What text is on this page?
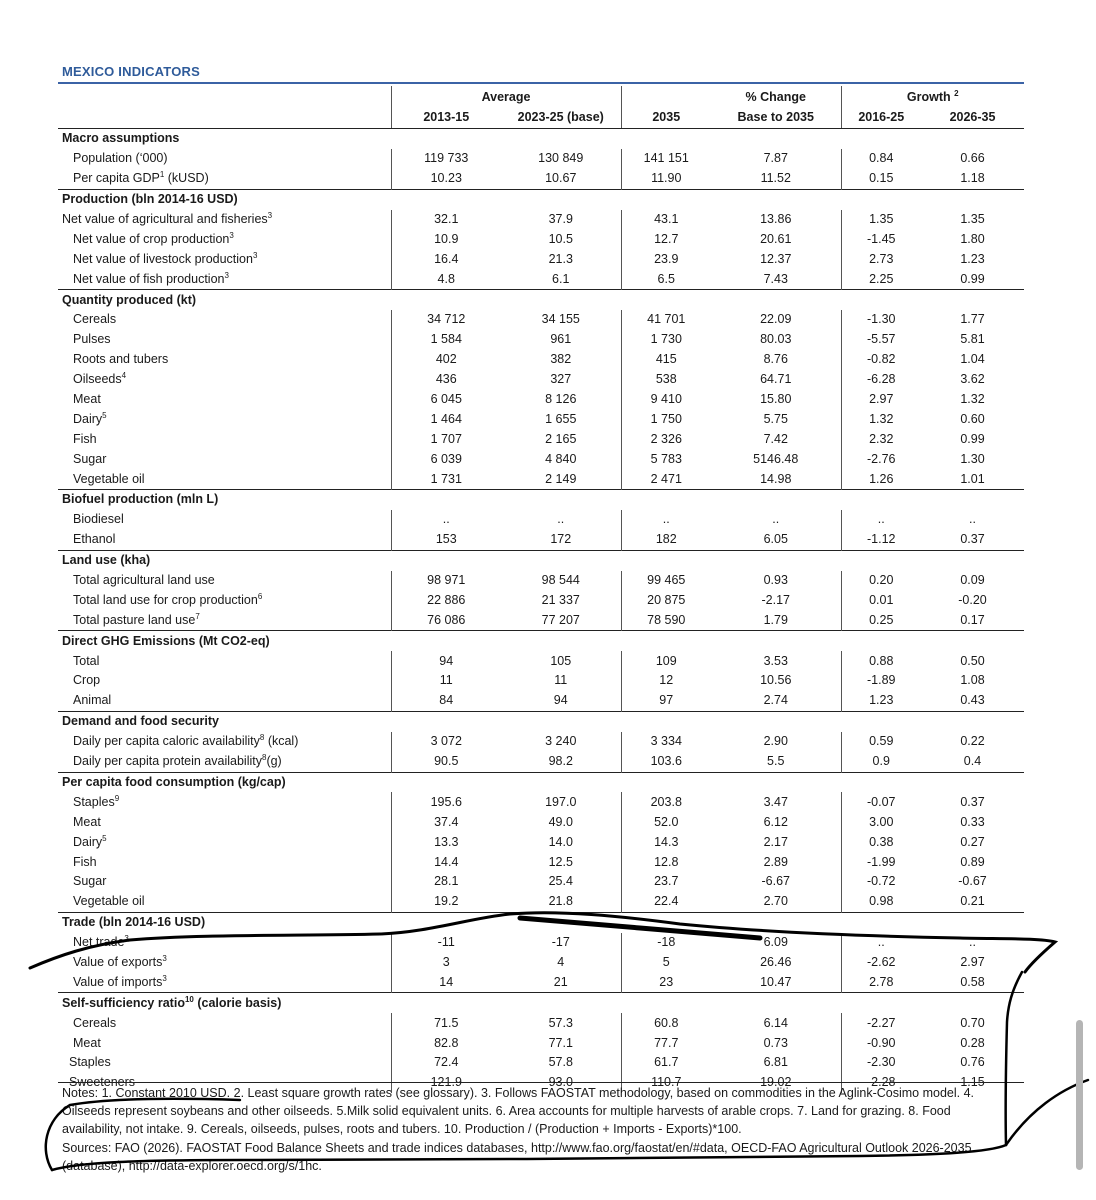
MEXICO INDICATORS
	Average			% Change	Growth $^2$
	2013-15	2023-25 (base)	2035	Base to 2035	2016-25	2026-35
Macro assumptions						
Population (‘000)	119 733	130 849	141 151	7.87	0.84	0.66
Per capita GDP$^1$ (kUSD)	10.23	10.67	11.90	11.52	0.15	1.18
Production (bln 2014-16 USD)						
Net value of agricultural and fisheries$^3$	32.1	37.9	43.1	13.86	1.35	1.35
Net value of crop production$^3$	10.9	10.5	12.7	20.61	-1.45	1.80
Net value of livestock production$^3$	16.4	21.3	23.9	12.37	2.73	1.23
Net value of fish production$^3$	4.8	6.1	6.5	7.43	2.25	0.99
Quantity produced (kt)						
Cereals	34 712	34 155	41 701	22.09	-1.30	1.77
Pulses	1 584	961	1 730	80.03	-5.57	5.81
Roots and tubers	402	382	415	8.76	-0.82	1.04
Oilseeds$^4$	436	327	538	64.71	-6.28	3.62
Meat	6 045	8 126	9 410	15.80	2.97	1.32
Dairy$^5$	1 464	1 655	1 750	5.75	1.32	0.60
Fish	1 707	2 165	2 326	7.42	2.32	0.99
Sugar	6 039	4 840	5 783	5146.48	-2.76	1.30
Vegetable oil	1 731	2 149	2 471	14.98	1.26	1.01
Biofuel production (mln L)						
Biodiesel	..	..	..	..	..	..
Ethanol	153	172	182	6.05	-1.12	0.37
Land use (kha)						
Total agricultural land use	98 971	98 544	99 465	0.93	0.20	0.09
Total land use for crop production$^6$	22 886	21 337	20 875	-2.17	0.01	-0.20
Total pasture land use$^7$	76 086	77 207	78 590	1.79	0.25	0.17
Direct GHG Emissions (Mt CO2-eq)						
Total	94	105	109	3.53	0.88	0.50
Crop	11	11	12	10.56	-1.89	1.08
Animal	84	94	97	2.74	1.23	0.43
Demand and food security						
Daily per capita caloric availability$^8$ (kcal)	3 072	3 240	3 334	2.90	0.59	0.22
Daily per capita protein availability$^8$(g)	90.5	98.2	103.6	5.5	0.9	0.4
Per capita food consumption (kg/cap)						
Staples$^9$	195.6	197.0	203.8	3.47	-0.07	0.37
Meat	37.4	49.0	52.0	6.12	3.00	0.33
Dairy$^5$	13.3	14.0	14.3	2.17	0.38	0.27
Fish	14.4	12.5	12.8	2.89	-1.99	0.89
Sugar	28.1	25.4	23.7	-6.67	-0.72	-0.67
Vegetable oil	19.2	21.8	22.4	2.70	0.98	0.21
Trade (bln 2014-16 USD)						
Net trade$^3$	-11	-17	-18	6.09	..	..
Value of exports$^3$	3	4	5	26.46	-2.62	2.97
Value of imports$^3$	14	21	23	10.47	2.78	0.58
Self-sufficiency ratio$^{10}$ (calorie basis)						
Cereals	71.5	57.3	60.8	6.14	-2.27	0.70
Meat	82.8	77.1	77.7	0.73	-0.90	0.28
Staples	72.4	57.8	61.7	6.81	-2.30	0.76
Sweeteners	121.9	93.0	110.7	19.02	-2.28	1.15
Notes: 1. Constant 2010 USD. 2. Least square growth rates (see glossary). 3. Follows FAOSTAT methodology, based on commodities in the Aglink-Cosimo model. 4. Oilseeds represent soybeans and other oilseeds. 5.Milk solid equivalent units. 6. Area accounts for multiple harvests of arable crops. 7. Land for grazing. 8. Food availability, not intake. 9. Cereals, oilseeds, pulses, roots and tubers. 10. Production / (Production + Imports - Exports)*100.
Sources: FAO (2026). FAOSTAT Food Balance Sheets and trade indices databases, http://www.fao.org/faostat/en/#data, OECD-FAO Agricultural Outlook 2026-2035 (database), http://data-explorer.oecd.org/s/1hc.
